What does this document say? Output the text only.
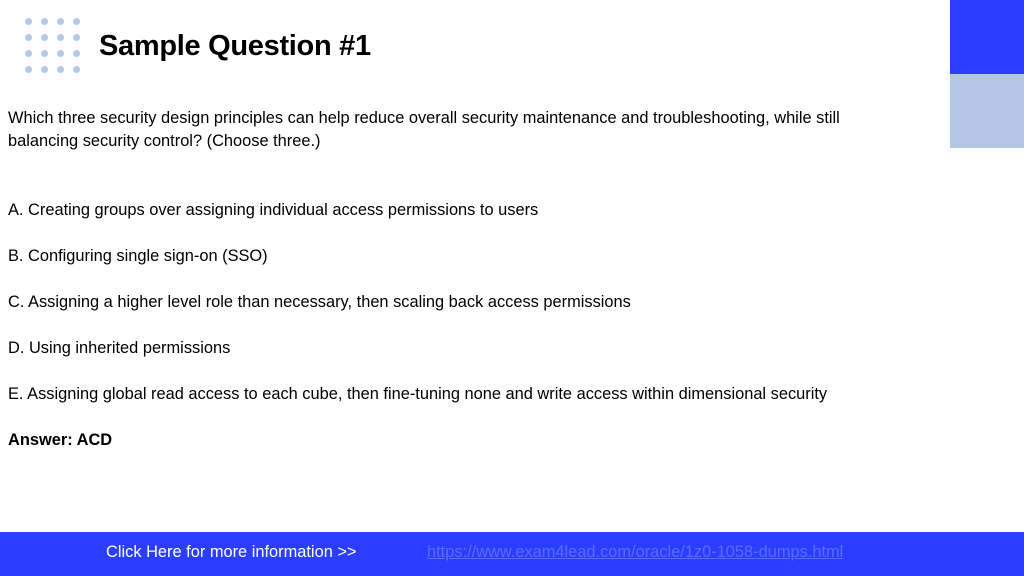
Sample Question #1

Which three security design principles can help reduce overall security maintenance and troubleshooting, while still balancing security control? (Choose three.)

A. Creating groups over assigning individual access permissions to users

B. Configuring single sign-on (SSO)

C. Assigning a higher level role than necessary, then scaling back access permissions

D. Using inherited permissions

E. Assigning global read access to each cube, then fine-tuning none and write access within dimensional security

Answer: ACD

Click Here for more information >>	https://www.exam4lead.com/oracle/1z0-1058-dumps.html
